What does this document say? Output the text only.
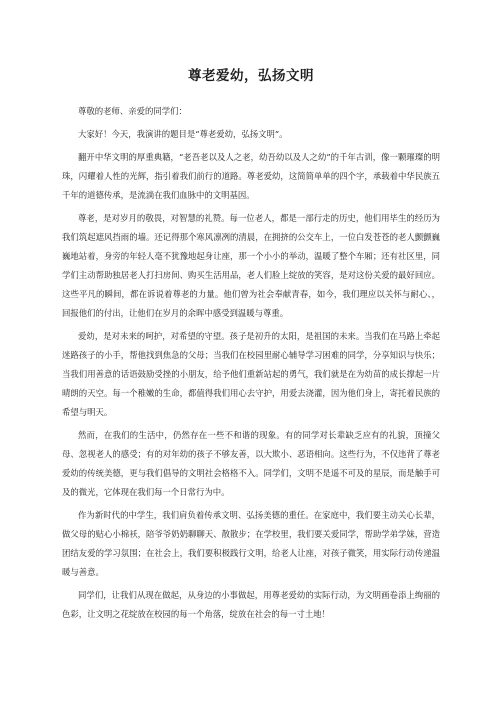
尊老爱幼，弘扬文明

尊敬的老师、亲爱的同学们：

大家好！今天，我演讲的题目是“尊老爱幼，弘扬文明”。

翻开中华文明的厚重典籍，“老吾老以及人之老，幼吾幼以及人之幼”的千年古训，像一颗璀璨的明珠，闪耀着人性的光辉，指引着我们前行的道路。尊老爱幼，这简简单单的四个字，承载着中华民族五千年的道德传承，是流淌在我们血脉中的文明基因。

尊老，是对岁月的敬畏，对智慧的礼赞。每一位老人，都是一部行走的历史，他们用毕生的经历为我们筑起遮风挡雨的墙。还记得那个寒风凛冽的清晨，在拥挤的公交车上，一位白发苍苍的老人颤颤巍巍地站着，身旁的年轻人毫不犹豫地起身让座，那一个小小的举动，温暖了整个车厢；还有社区里，同学们主动帮助独居老人打扫房间、购买生活用品，老人们脸上绽放的笑容，是对这份关爱的最好回应。这些平凡的瞬间，都在诉说着尊老的力量。他们曾为社会奉献青春，如今，我们理应以关怀与耐心、，回报他们的付出，让他们在岁月的余晖中感受到温暖与尊重。

爱幼，是对未来的呵护，对希望的守望。孩子是初升的太阳，是祖国的未来。当我们在马路上牵起迷路孩子的小手，帮他找到焦急的父母；当我们在校园里耐心辅导学习困难的同学，分享知识与快乐；当我们用善意的话语鼓励受挫的小朋友，给予他们重新站起的勇气，我们就是在为幼苗的成长撑起一片晴朗的天空。每一个稚嫩的生命，都值得我们用心去守护，用爱去浇灌，因为他们身上，寄托着民族的希望与明天。

然而，在我们的生活中，仍然存在一些不和谐的现象。有的同学对长辈缺乏应有的礼貌，顶撞父母、忽视老人的感受；有的对年幼的孩子不够友善，以大欺小、恶语相向。这些行为，不仅违背了尊老爱幼的传统美德，更与我们倡导的文明社会格格不入。同学们，文明不是遥不可及的星辰，而是触手可及的微光，它体现在我们每一个日常行为中。

作为新时代的中学生，我们肩负着传承文明、弘扬美德的重任。在家庭中，我们要主动关心长辈，做父母的贴心小棉袄，陪爷爷奶奶聊聊天、散散步；在学校里，我们要关爱同学，帮助学弟学妹，营造团结友爱的学习氛围；在社会上，我们要积极践行文明，给老人让座，对孩子微笑，用实际行动传递温暖与善意。

同学们，让我们从现在做起，从身边的小事做起，用尊老爱幼的实际行动，为文明画卷添上绚丽的色彩，让文明之花绽放在校园的每一个角落，绽放在社会的每一寸土地！
